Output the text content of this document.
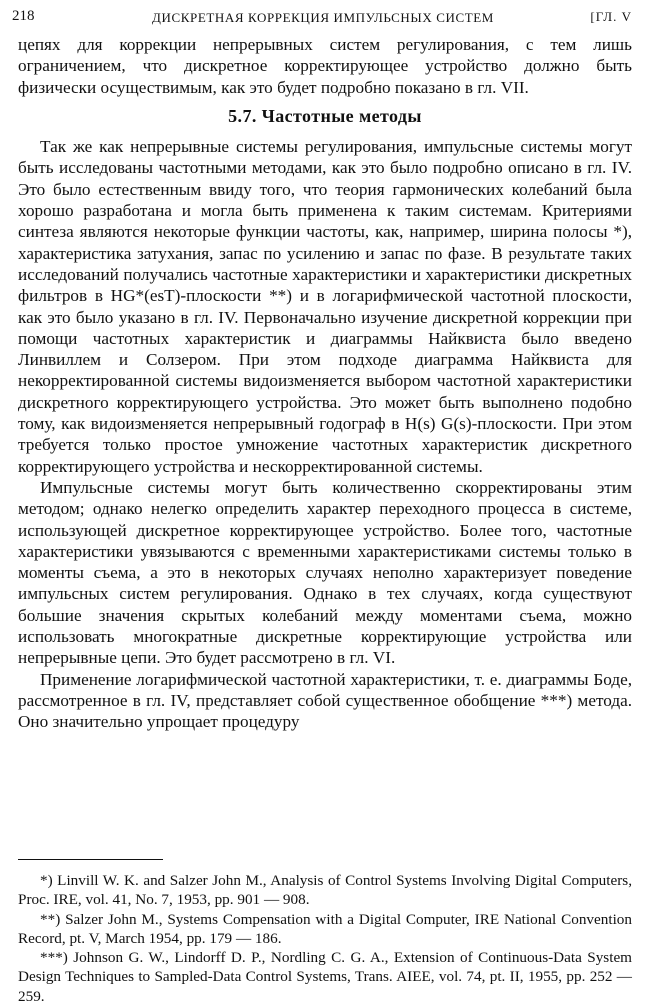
218	ДИСКРЕТНАЯ КОРРЕКЦИЯ ИМПУЛЬСНЫХ СИСТЕМ	[ГЛ. V

цепях для коррекции непрерывных систем регулирования, с тем лишь ограничением, что дискретное корректирующее устройство должно быть физически осуществимым, как это будет подробно показано в гл. VII.

5.7. Частотные методы

Так же как непрерывные системы регулирования, импульсные системы могут быть исследованы частотными методами, как это было подробно описано в гл. IV. Это было естественным ввиду того, что теория гармонических колебаний была хорошо разработана и могла быть применена к таким системам. Критериями синтеза являются некоторые функции частоты, как, например, ширина полосы *), характеристика затухания, запас по усилению и запас по фазе. В результате таких исследований получались частотные характеристики и характеристики дискретных фильтров в HG*(esT)-плоскости **) и в логарифмической частотной плоскости, как это было указано в гл. IV. Первоначально изучение дискретной коррекции при помощи частотных характеристик и диаграммы Найквиста было введено Линвиллем и Солзером. При этом подходе диаграмма Найквиста для некорректированной системы видоизменяется выбором частотной характеристики дискретного корректирующего устройства. Это может быть выполнено подобно тому, как видоизменяется непрерывный годограф в H(s) G(s)-плоскости. При этом требуется только простое умножение частотных характеристик дискретного корректирующего устройства и нескорректированной системы.

Импульсные системы могут быть количественно скорректированы этим методом; однако нелегко определить характер переходного процесса в системе, использующей дискретное корректирующее устройство. Более того, частотные характеристики увязываются с временными характеристиками системы только в моменты съема, а это в некоторых случаях неполно характеризует поведение импульсных систем регулирования. Однако в тех случаях, когда существуют большие значения скрытых колебаний между моментами съема, можно использовать многократные дискретные корректирующие устройства или непрерывные цепи. Это будет рассмотрено в гл. VI.

Применение логарифмической частотной характеристики, т. е. диаграммы Боде, рассмотренное в гл. IV, представляет собой существенное обобщение ***) метода. Оно значительно упрощает процедуру

*) Linvill W. K. and Salzer John M., Analysis of Control Systems Involving Digital Computers, Proc. IRE, vol. 41, No. 7, 1953, pp. 901 — 908.

**) Salzer John M., Systems Compensation with a Digital Computer, IRE National Convention Record, pt. V, March 1954, pp. 179 — 186.

***) Johnson G. W., Lindorff D. P., Nordling C. G. A., Extension of Continuous-Data System Design Techniques to Sampled-Data Control Systems, Trans. AIEE, vol. 74, pt. II, 1955, pp. 252 — 259.
